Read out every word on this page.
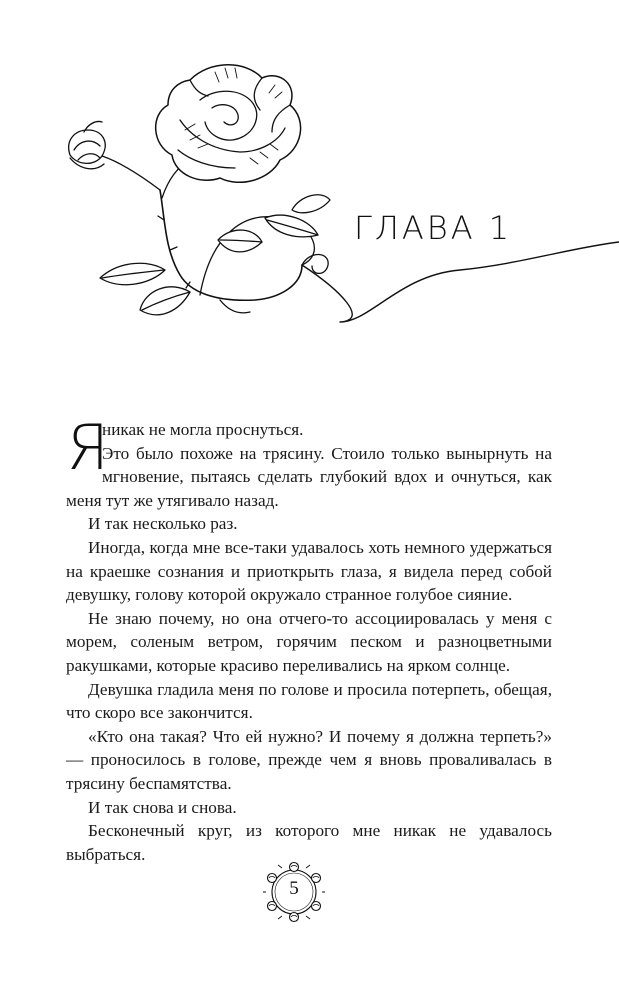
ГЛАВА 1

Я
никак не могла проснуться.
Это было похоже на трясину. Стоило только вынырнуть на мгновение, пытаясь сделать глубокий вдох и очнуться, как меня тут же утягивало назад.

И так несколько раз.

Иногда, когда мне все-таки удавалось хоть немного удержаться на краешке сознания и приоткрыть глаза, я видела перед собой девушку, голову которой окружало странное голубое сияние.

Не знаю почему, но она отчего-то ассоциировалась у меня с морем, соленым ветром, горячим песком и разноцветными ракушками, которые красиво переливались на ярком солнце.

Девушка гладила меня по голове и просила потерпеть, обещая, что скоро все закончится.

«Кто она такая? Что ей нужно? И почему я должна терпеть?» — проносилось в голове, прежде чем я вновь проваливалась в трясину беспамятства.

И так снова и снова.

Бесконечный круг, из которого мне никак не удавалось выбраться.

5
